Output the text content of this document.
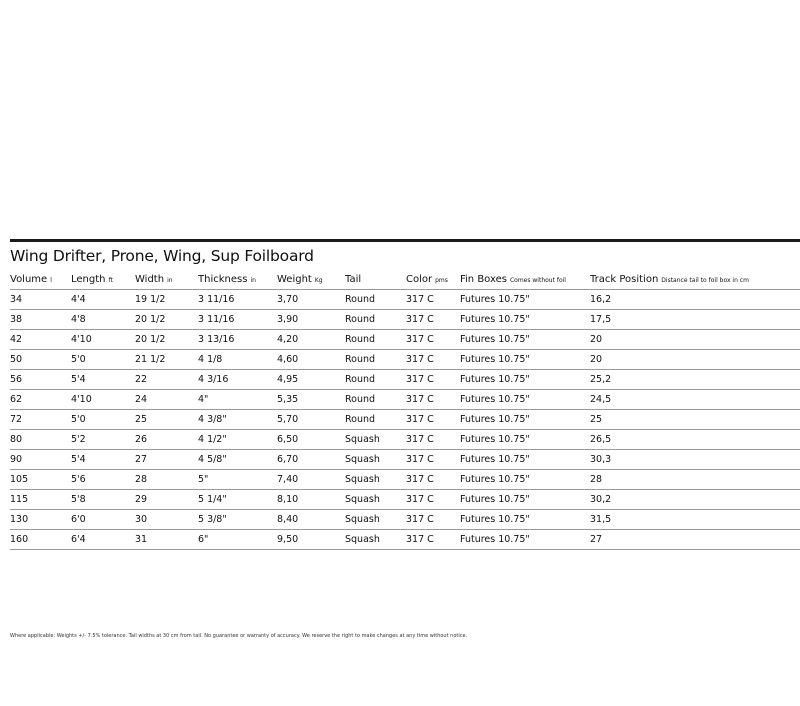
Wing Drifter, Prone, Wing, Sup Foilboard
Volume l	Length ft	Width in	Thickness in	Weight Kg	Tail	Color pms	Fin Boxes Comes without foil	Track Position Distance tail to foil box in cm
34	4'4	19 1/2	3 11/16	3,70	Round	317 C	Futures 10.75"	16,2
38	4'8	20 1/2	3 11/16	3,90	Round	317 C	Futures 10.75"	17,5
42	4'10	20 1/2	3 13/16	4,20	Round	317 C	Futures 10.75"	20
50	5'0	21 1/2	4 1/8	4,60	Round	317 C	Futures 10.75"	20
56	5'4	22	4 3/16	4,95	Round	317 C	Futures 10.75"	25,2
62	4'10	24	4"	5,35	Round	317 C	Futures 10.75"	24,5
72	5'0	25	4 3/8"	5,70	Round	317 C	Futures 10.75"	25
80	5'2	26	4 1/2"	6,50	Squash	317 C	Futures 10.75"	26,5
90	5'4	27	4 5/8"	6,70	Squash	317 C	Futures 10.75"	30,3
105	5'6	28	5"	7,40	Squash	317 C	Futures 10.75"	28
115	5'8	29	5 1/4"	8,10	Squash	317 C	Futures 10.75"	30,2
130	6'0	30	5 3/8"	8,40	Squash	317 C	Futures 10.75"	31,5
160	6'4	31	6"	9,50	Squash	317 C	Futures 10.75"	27
Where applicable: Weights +/- 7.5% tolerance. Tail widths at 30 cm from tail. No guarantee or warranty of accuracy. We reserve the right to make changes at any time without notice.
